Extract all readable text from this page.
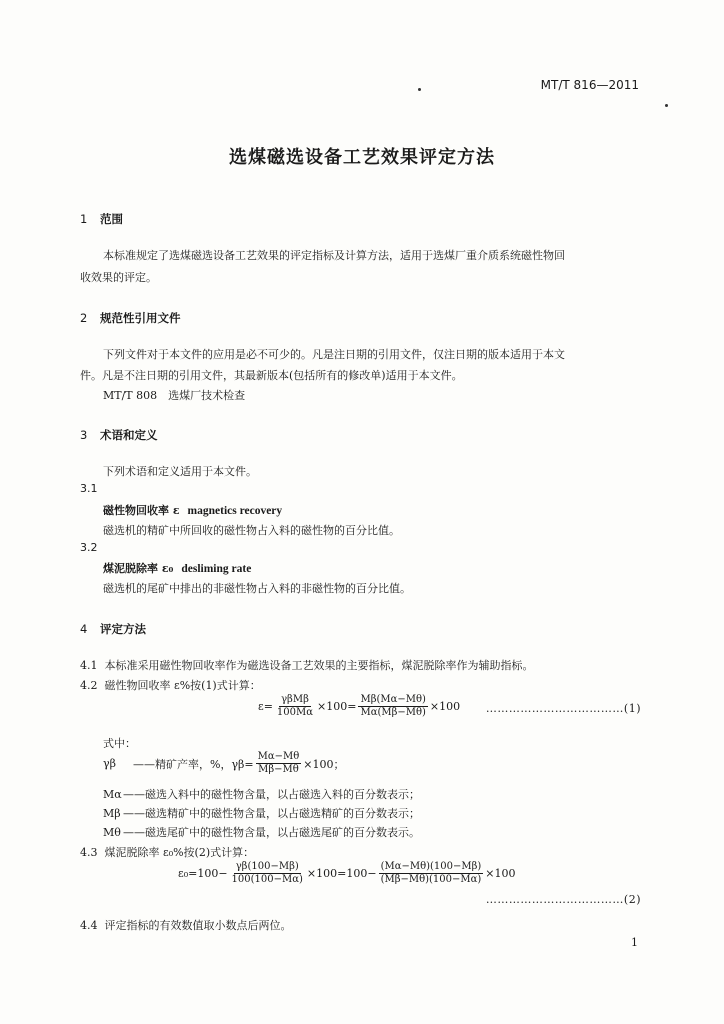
MT/T 816—2011
选煤磁选设备工艺效果评定方法
1 范围
本标准规定了选煤磁选设备工艺效果的评定指标及计算方法，适用于选煤厂重介质系统磁性物回
收效果的评定。
2 规范性引用文件
下列文件对于本文件的应用是必不可少的。凡是注日期的引用文件，仅注日期的版本适用于本文
件。凡是不注日期的引用文件，其最新版本(包括所有的修改单)适用于本文件。
MT/T 808　选煤厂技术检查
3 术语和定义
下列术语和定义适用于本文件。
3.1
磁性物回收率 ε magnetics recovery
磁选机的精矿中所回收的磁性物占入料的磁性物的百分比值。
3.2
煤泥脱除率 ε₀ desliming rate
磁选机的尾矿中排出的非磁性物占入料的非磁性物的百分比值。
4 评定方法
4.1 本标准采用磁性物回收率作为磁选设备工艺效果的主要指标，煤泥脱除率作为辅助指标。
4.2 磁性物回收率 ε%按(1)式计算：
$\varepsilon= \frac{\text{γβMβ}}{100M\alpha} \times 100= \frac{M\beta(M\alpha-M\theta)}{M\alpha(M\beta-M\theta)} \times 100$ ………………………………(1)
式中：
γβ	——精矿产率，%，$\gamma\beta= \frac{M\alpha-M\theta}{M\beta-M\theta} \times 100$；
Mα——磁选入料中的磁性物含量，以占磁选入料的百分数表示；
Mβ ——磁选精矿中的磁性物含量，以占磁选精矿的百分数表示；
Mθ ——磁选尾矿中的磁性物含量，以占磁选尾矿的百分数表示。
4.3 煤泥脱除率 ε₀%按(2)式计算：
$\varepsilon_0=100- \frac{\gamma\beta(100-M\beta)}{100(100-M\alpha)} \times 100=100- \frac{(M\alpha-M\theta)(100-M\beta)}{(M\beta-M\theta)(100-M\alpha)} \times 100$
………………………………(2)
4.4 评定指标的有效数值取小数点后两位。
1
